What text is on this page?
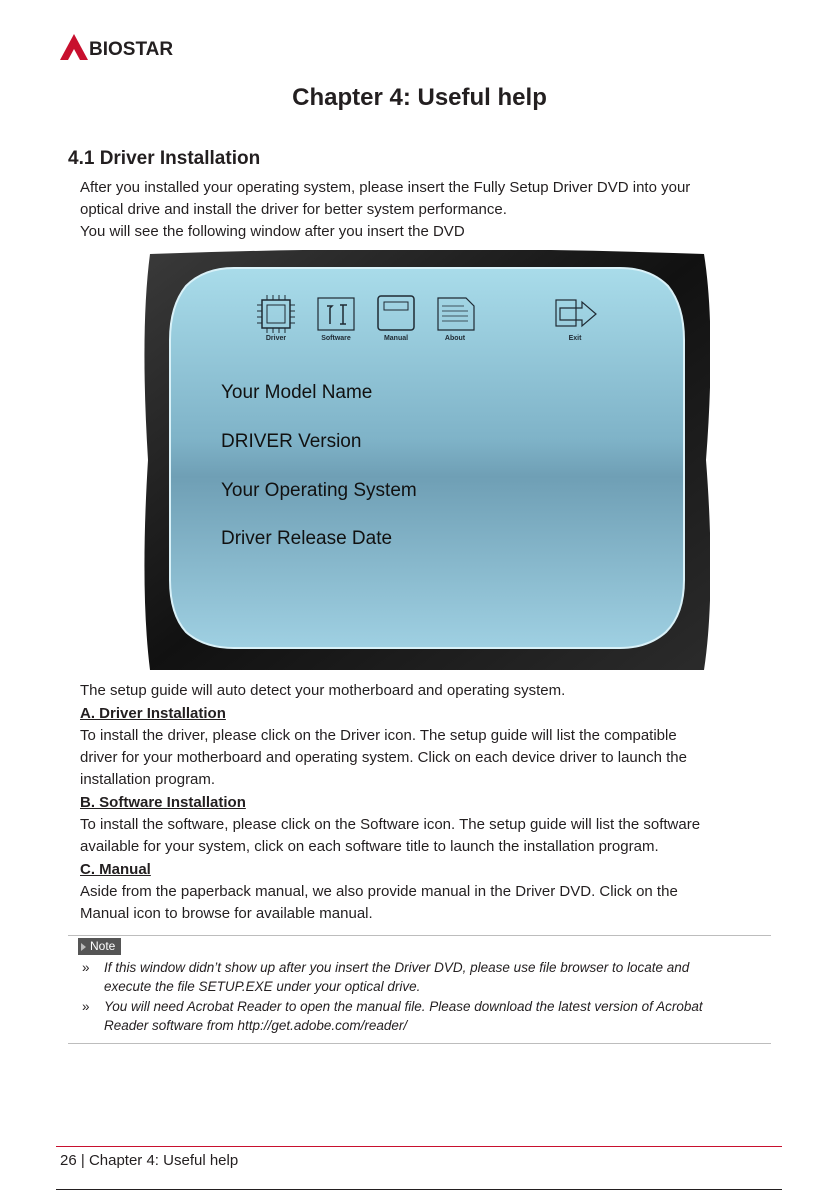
BIOSTAR
Chapter 4: Useful help
4.1 Driver Installation
After you installed your operating system, please insert the Fully Setup Driver DVD into your
optical drive and install the driver for better system performance.
You will see the following window after you insert the DVD
Driver	Software	Manual	About	Exit
Your Model Name
DRIVER Version
Your Operating System
Driver Release Date
The setup guide will auto detect your motherboard and operating system.
A. Driver Installation
To install the driver, please click on the Driver icon. The setup guide will list the compatible
driver for your motherboard and operating system. Click on each device driver to launch the
installation program.
B. Software Installation
To install the software, please click on the Software icon. The setup guide will list the software
available for your system, click on each software title to launch the installation program.
C. Manual
Aside from the paperback manual, we also provide manual in the Driver DVD. Click on the
Manual icon to browse for available manual.
Note
» If this window didn’t show up after you insert the Driver DVD, please use file browser to locate and
execute the file SETUP.EXE under your optical drive.
» You will need Acrobat Reader to open the manual file. Please download the latest version of Acrobat
Reader software from http://get.adobe.com/reader/
26 | Chapter 4: Useful help
